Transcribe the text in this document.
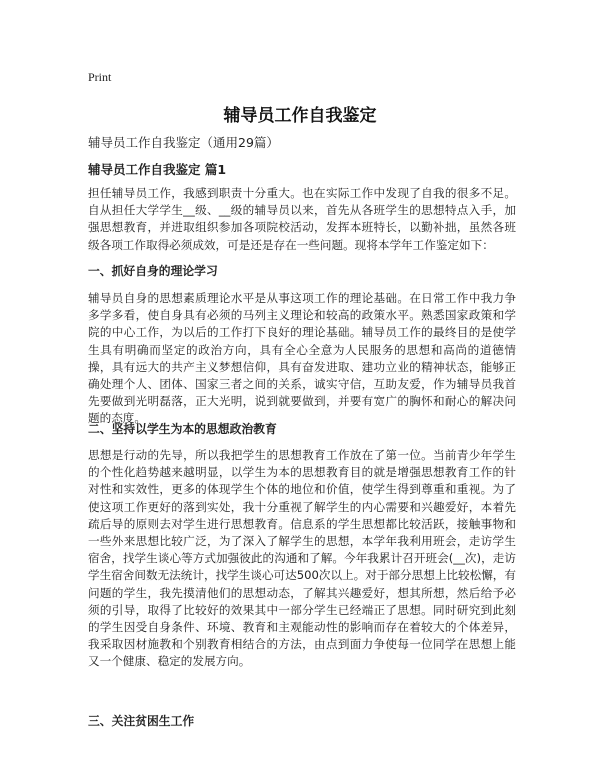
Print
辅导员工作自我鉴定
辅导员工作自我鉴定（通用29篇）
辅导员工作自我鉴定 篇1

担任辅导员工作，我感到职责十分重大。也在实际工作中发现了自我的很多不足。自从担任大学学生__级、__级的辅导员以来，首先从各班学生的思想特点入手，加强思想教育，并进取组织参加各项院校活动，发挥本班特长，以勤补拙，虽然各班级各项工作取得必须成效，可是还是存在一些问题。现将本学年工作鉴定如下：

一、抓好自身的理论学习

辅导员自身的思想素质理论水平是从事这项工作的理论基础。在日常工作中我力争多学多看，使自身具有必须的马列主义理论和较高的政策水平。熟悉国家政策和学院的中心工作，为以后的工作打下良好的理论基础。辅导员工作的最终目的是使学生具有明确而坚定的政治方向，具有全心全意为人民服务的思想和高尚的道德情操，具有远大的共产主义梦想信仰，具有奋发进取、建功立业的精神状态，能够正确处理个人、团体、国家三者之间的关系，诚实守信，互助友爱，作为辅导员我首先要做到光明磊落，正大光明，说到就要做到，并要有宽广的胸怀和耐心的解决问题的态度。

二、坚持以学生为本的思想政治教育

思想是行动的先导，所以我把学生的思想教育工作放在了第一位。当前青少年学生的个性化趋势越来越明显，以学生为本的思想教育目的就是增强思想教育工作的针对性和实效性，更多的体现学生个体的地位和价值，使学生得到尊重和重视。为了使这项工作更好的落到实处，我十分重视了解学生的内心需要和兴趣爱好，本着先疏后导的原则去对学生进行思想教育。信息系的学生思想都比较活跃，接触事物和一些外来思想比较广泛，为了深入了解学生的思想，本学年我利用班会，走访学生宿舍，找学生谈心等方式加强彼此的沟通和了解。今年我累计召开班会(__次)，走访学生宿舍间数无法统计，找学生谈心可达500次以上。对于部分思想上比较松懈，有问题的学生，我先摸清他们的思想动态，了解其兴趣爱好，想其所想，然后给予必须的引导，取得了比较好的效果其中一部分学生已经端正了思想。同时研究到此刻的学生因受自身条件、环境、教育和主观能动性的影响而存在着较大的个体差异，我采取因材施教和个别教育相结合的方法，由点到面力争使每一位同学在思想上能又一个健康、稳定的发展方向。

三、关注贫困生工作
